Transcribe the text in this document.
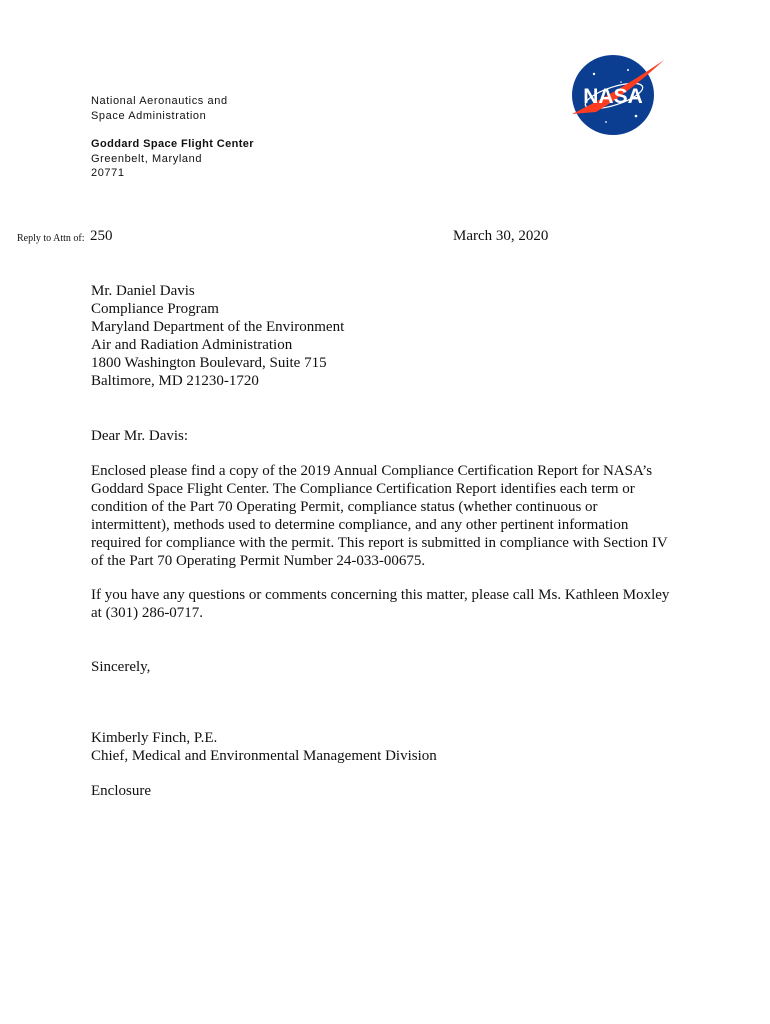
National Aeronautics and
Space Administration
Goddard Space Flight Center
Greenbelt, Maryland
20771
NASA
Reply to Attn of: 250	March 30, 2020
Mr. Daniel Davis
Compliance Program
Maryland Department of the Environment
Air and Radiation Administration
1800 Washington Boulevard, Suite 715
Baltimore, MD 21230-1720
Dear Mr. Davis:
Enclosed please find a copy of the 2019 Annual Compliance Certification Report for NASA’s
Goddard Space Flight Center. The Compliance Certification Report identifies each term or
condition of the Part 70 Operating Permit, compliance status (whether continuous or
intermittent), methods used to determine compliance, and any other pertinent information
required for compliance with the permit. This report is submitted in compliance with Section IV
of the Part 70 Operating Permit Number 24-033-00675.
If you have any questions or comments concerning this matter, please call Ms. Kathleen Moxley
at (301) 286-0717.
Sincerely,
Kimberly Finch, P.E.
Chief, Medical and Environmental Management Division
Enclosure
